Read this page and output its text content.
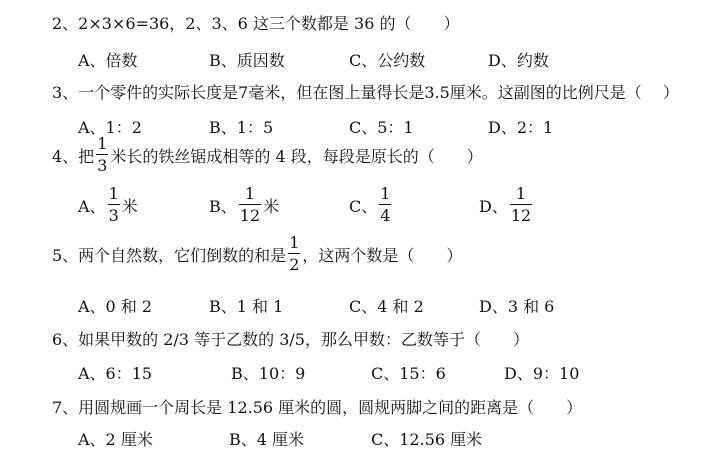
2、2×3×6=36，2、3、6 这三个数都是 36 的（　　）
A、倍数	B、质因数	C、公约数	D、约数
3、一个零件的实际长度是7毫米，但在图上量得长是3.5厘米。这副图的比例尺是（　 ）
A、1：2	B、1：5	C、5：1	D、2：1
4、把 $\frac{1}{3}$ 米长的铁丝锯成相等的 4 段，每段是原长的（　　）
A、 $\frac{1}{3}$ 米	B、 $\frac{1}{12}$ 米	C、 $\frac{1}{4}$	D、 $\frac{1}{12}$
5、两个自然数，它们倒数的和是 $\frac{1}{2}$ ，这两个数是（　　）
A、0 和 2	B、1 和 1	C、4 和 2	D、3 和 6
6、如果甲数的 2/3 等于乙数的 3/5，那么甲数：乙数等于（　　）
A、6：15	B、10：9	C、15：6	D、9：10
7、用圆规画一个周长是 12.56 厘米的圆，圆规两脚之间的距离是（　　）
A、2 厘米	B、4 厘米	C、12.56 厘米
